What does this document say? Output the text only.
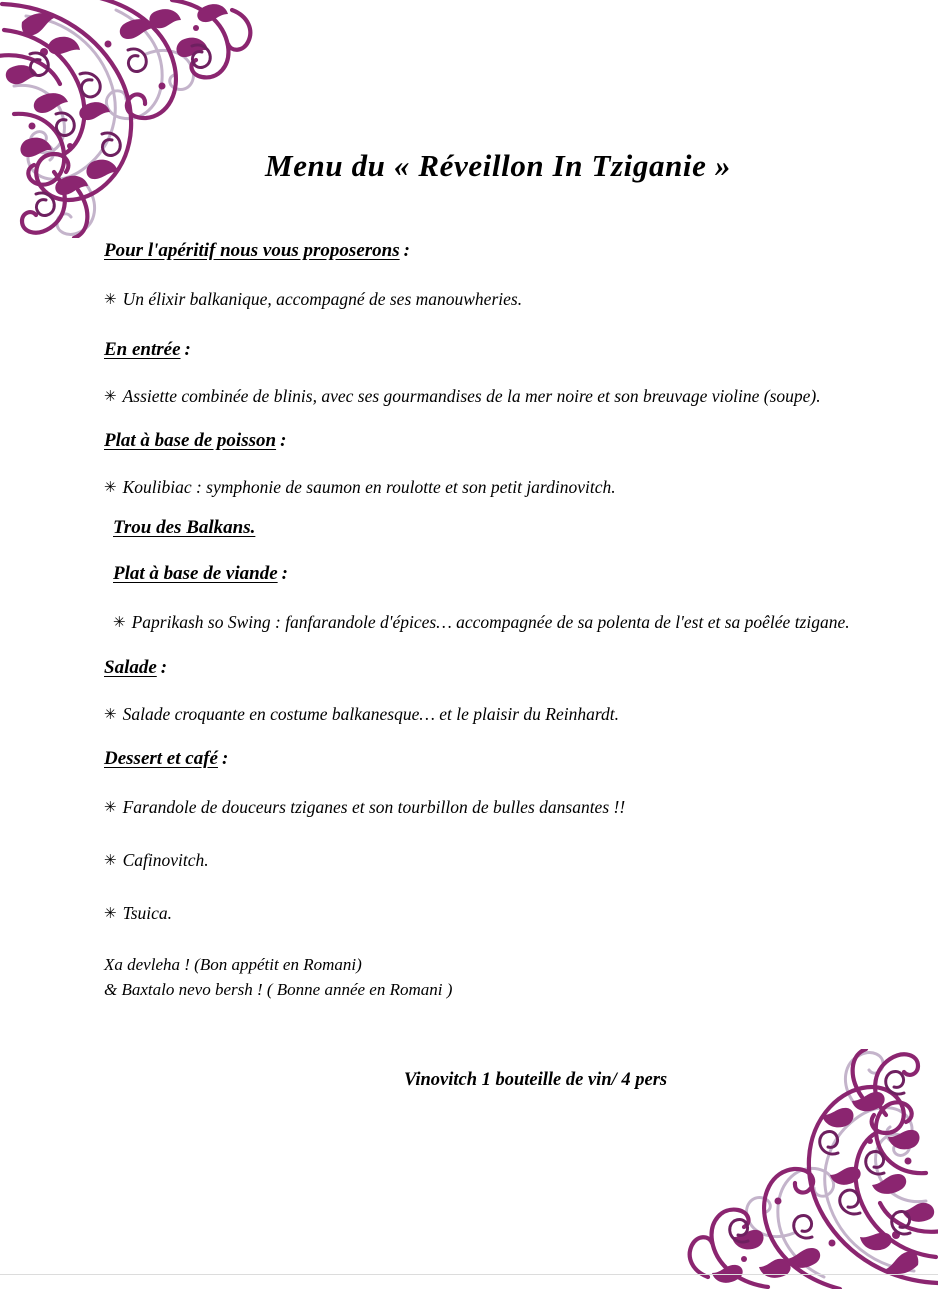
Menu du « Réveillon In Tziganie »

Pour l'apéritif nous vous proposerons :

✳ Un élixir balkanique, accompagné de ses manouwheries.

En entrée :

✳ Assiette combinée de blinis, avec ses gourmandises de la mer noire et son breuvage violine (soupe).

Plat à base de poisson :

✳ Koulibiac : symphonie de saumon en roulotte et son petit jardinovitch.

Trou des Balkans.

Plat à base de viande :

✳ Paprikash so Swing : fanfarandole d'épices… accompagnée de sa polenta de l'est et sa poêlée tzigane.

Salade :

✳ Salade croquante en costume balkanesque… et le plaisir du Reinhardt.

Dessert et café :

✳ Farandole de douceurs tziganes et son tourbillon de bulles dansantes !!

✳ Cafinovitch.

✳ Tsuica.

Xa devleha ! (Bon appétit en Romani)
& Baxtalo nevo bersh ! ( Bonne année en Romani )

Vinovitch 1 bouteille de vin/ 4 pers
